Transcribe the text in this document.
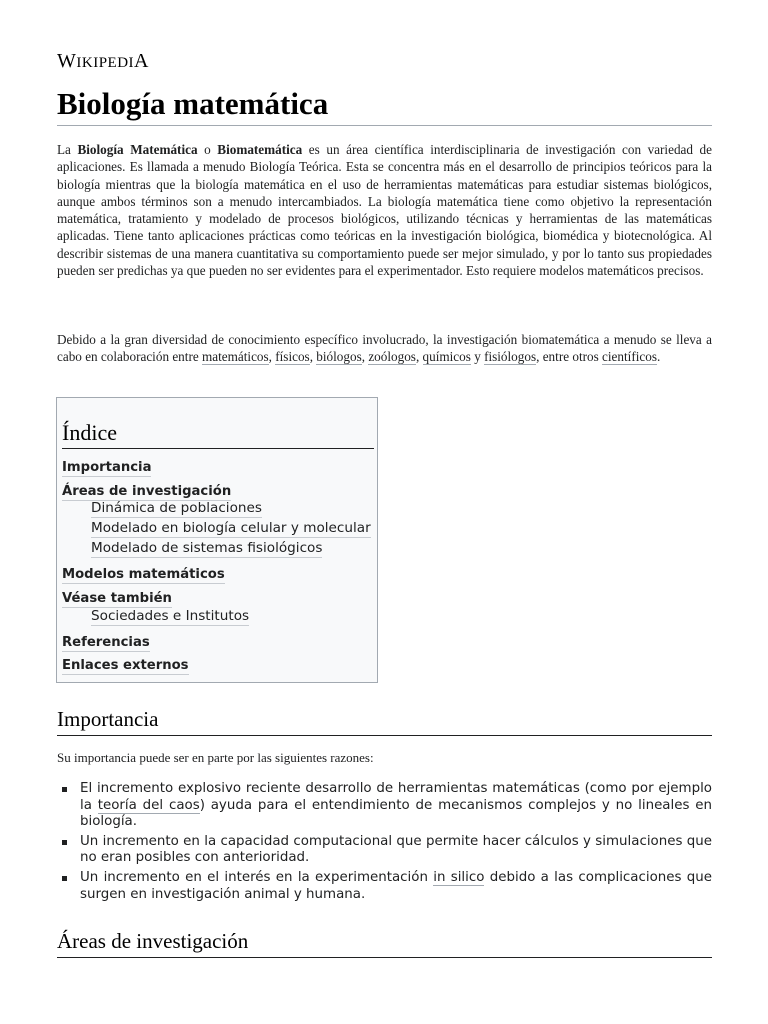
WIKIPEDIA
Biología matemática

La Biología Matemática o Biomatemática es un área científica interdisciplinaria de investigación con variedad de aplicaciones. Es llamada a menudo Biología Teórica. Esta se concentra más en el desarrollo de principios teóricos para la biología mientras que la biología matemática en el uso de herramientas matemáticas para estudiar sistemas biológicos, aunque ambos términos son a menudo intercambiados. La biología matemática tiene como objetivo la representación matemática, tratamiento y modelado de procesos biológicos, utilizando técnicas y herramientas de las matemáticas aplicadas. Tiene tanto aplicaciones prácticas como teóricas en la investigación biológica, biomédica y biotecnológica. Al describir sistemas de una manera cuantitativa su comportamiento puede ser mejor simulado, y por lo tanto sus propiedades pueden ser predichas ya que pueden no ser evidentes para el experimentador. Esto requiere modelos matemáticos precisos.

Debido a la gran diversidad de conocimiento específico involucrado, la investigación biomatemática a menudo se lleva a cabo en colaboración entre matemáticos, físicos, biólogos, zoólogos, químicos y fisiólogos, entre otros científicos.

Índice
Importancia
Áreas de investigación
Dinámica de poblaciones
Modelado en biología celular y molecular
Modelado de sistemas fisiológicos
Modelos matemáticos
Véase también
Sociedades e Institutos
Referencias
Enlaces externos
Importancia
Su importancia puede ser en parte por las siguientes razones:
El incremento explosivo reciente desarrollo de herramientas matemáticas (como por ejemplo la teoría del caos) ayuda para el entendimiento de mecanismos complejos y no lineales en biología.
Un incremento en la capacidad computacional que permite hacer cálculos y simulaciones que no eran posibles con anterioridad.
Un incremento en el interés en la experimentación in silico debido a las complicaciones que surgen en investigación animal y humana.
Áreas de investigación
